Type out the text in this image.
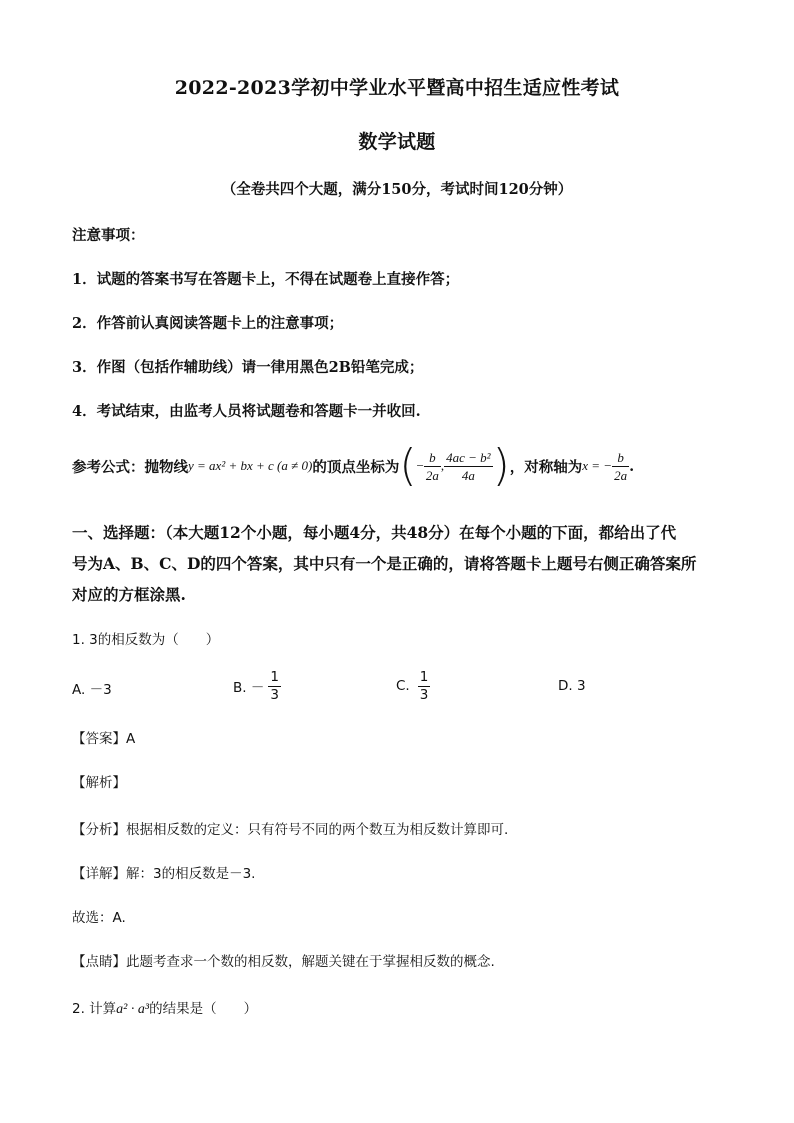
2022-2023学初中学业水平暨高中招生适应性考试
数学试题
（全卷共四个大题，满分150分，考试时间120分钟）
注意事项：
1．试题的答案书写在答题卡上，不得在试题卷上直接作答；
2．作答前认真阅读答题卡上的注意事项；
3．作图（包括作辅助线）请一律用黑色2B铅笔完成；
4．考试结束，由监考人员将试题卷和答题卡一并收回.
参考公式：抛物线 y = ax² + bx + c (a ≠ 0) 的顶点坐标为 ( − $\frac{b}{2a}$ , $\frac{\text{4ac − b²}}{4a}$ ) ，对称轴为 x = − $\frac{b}{2a}$ .
一、选择题：（本大题12个小题，每小题4分，共48分）在每个小题的下面，都给出了代
号为A、B、C、D的四个答案，其中只有一个是正确的，请将答题卡上题号右侧正确答案所
对应的方框涂黑.
1. 3的相反数为（　　）
A. －3	B. － $\frac{1}{3}$	C. $\frac{1}{3}$	D. 3
【答案】A
【解析】
【分析】根据相反数的定义：只有符号不同的两个数互为相反数计算即可.
【详解】解：3的相反数是－3.
故选：A.
【点睛】此题考查求一个数的相反数，解题关键在于掌握相反数的概念.
2. 计算a² · a³的结果是（　　）
